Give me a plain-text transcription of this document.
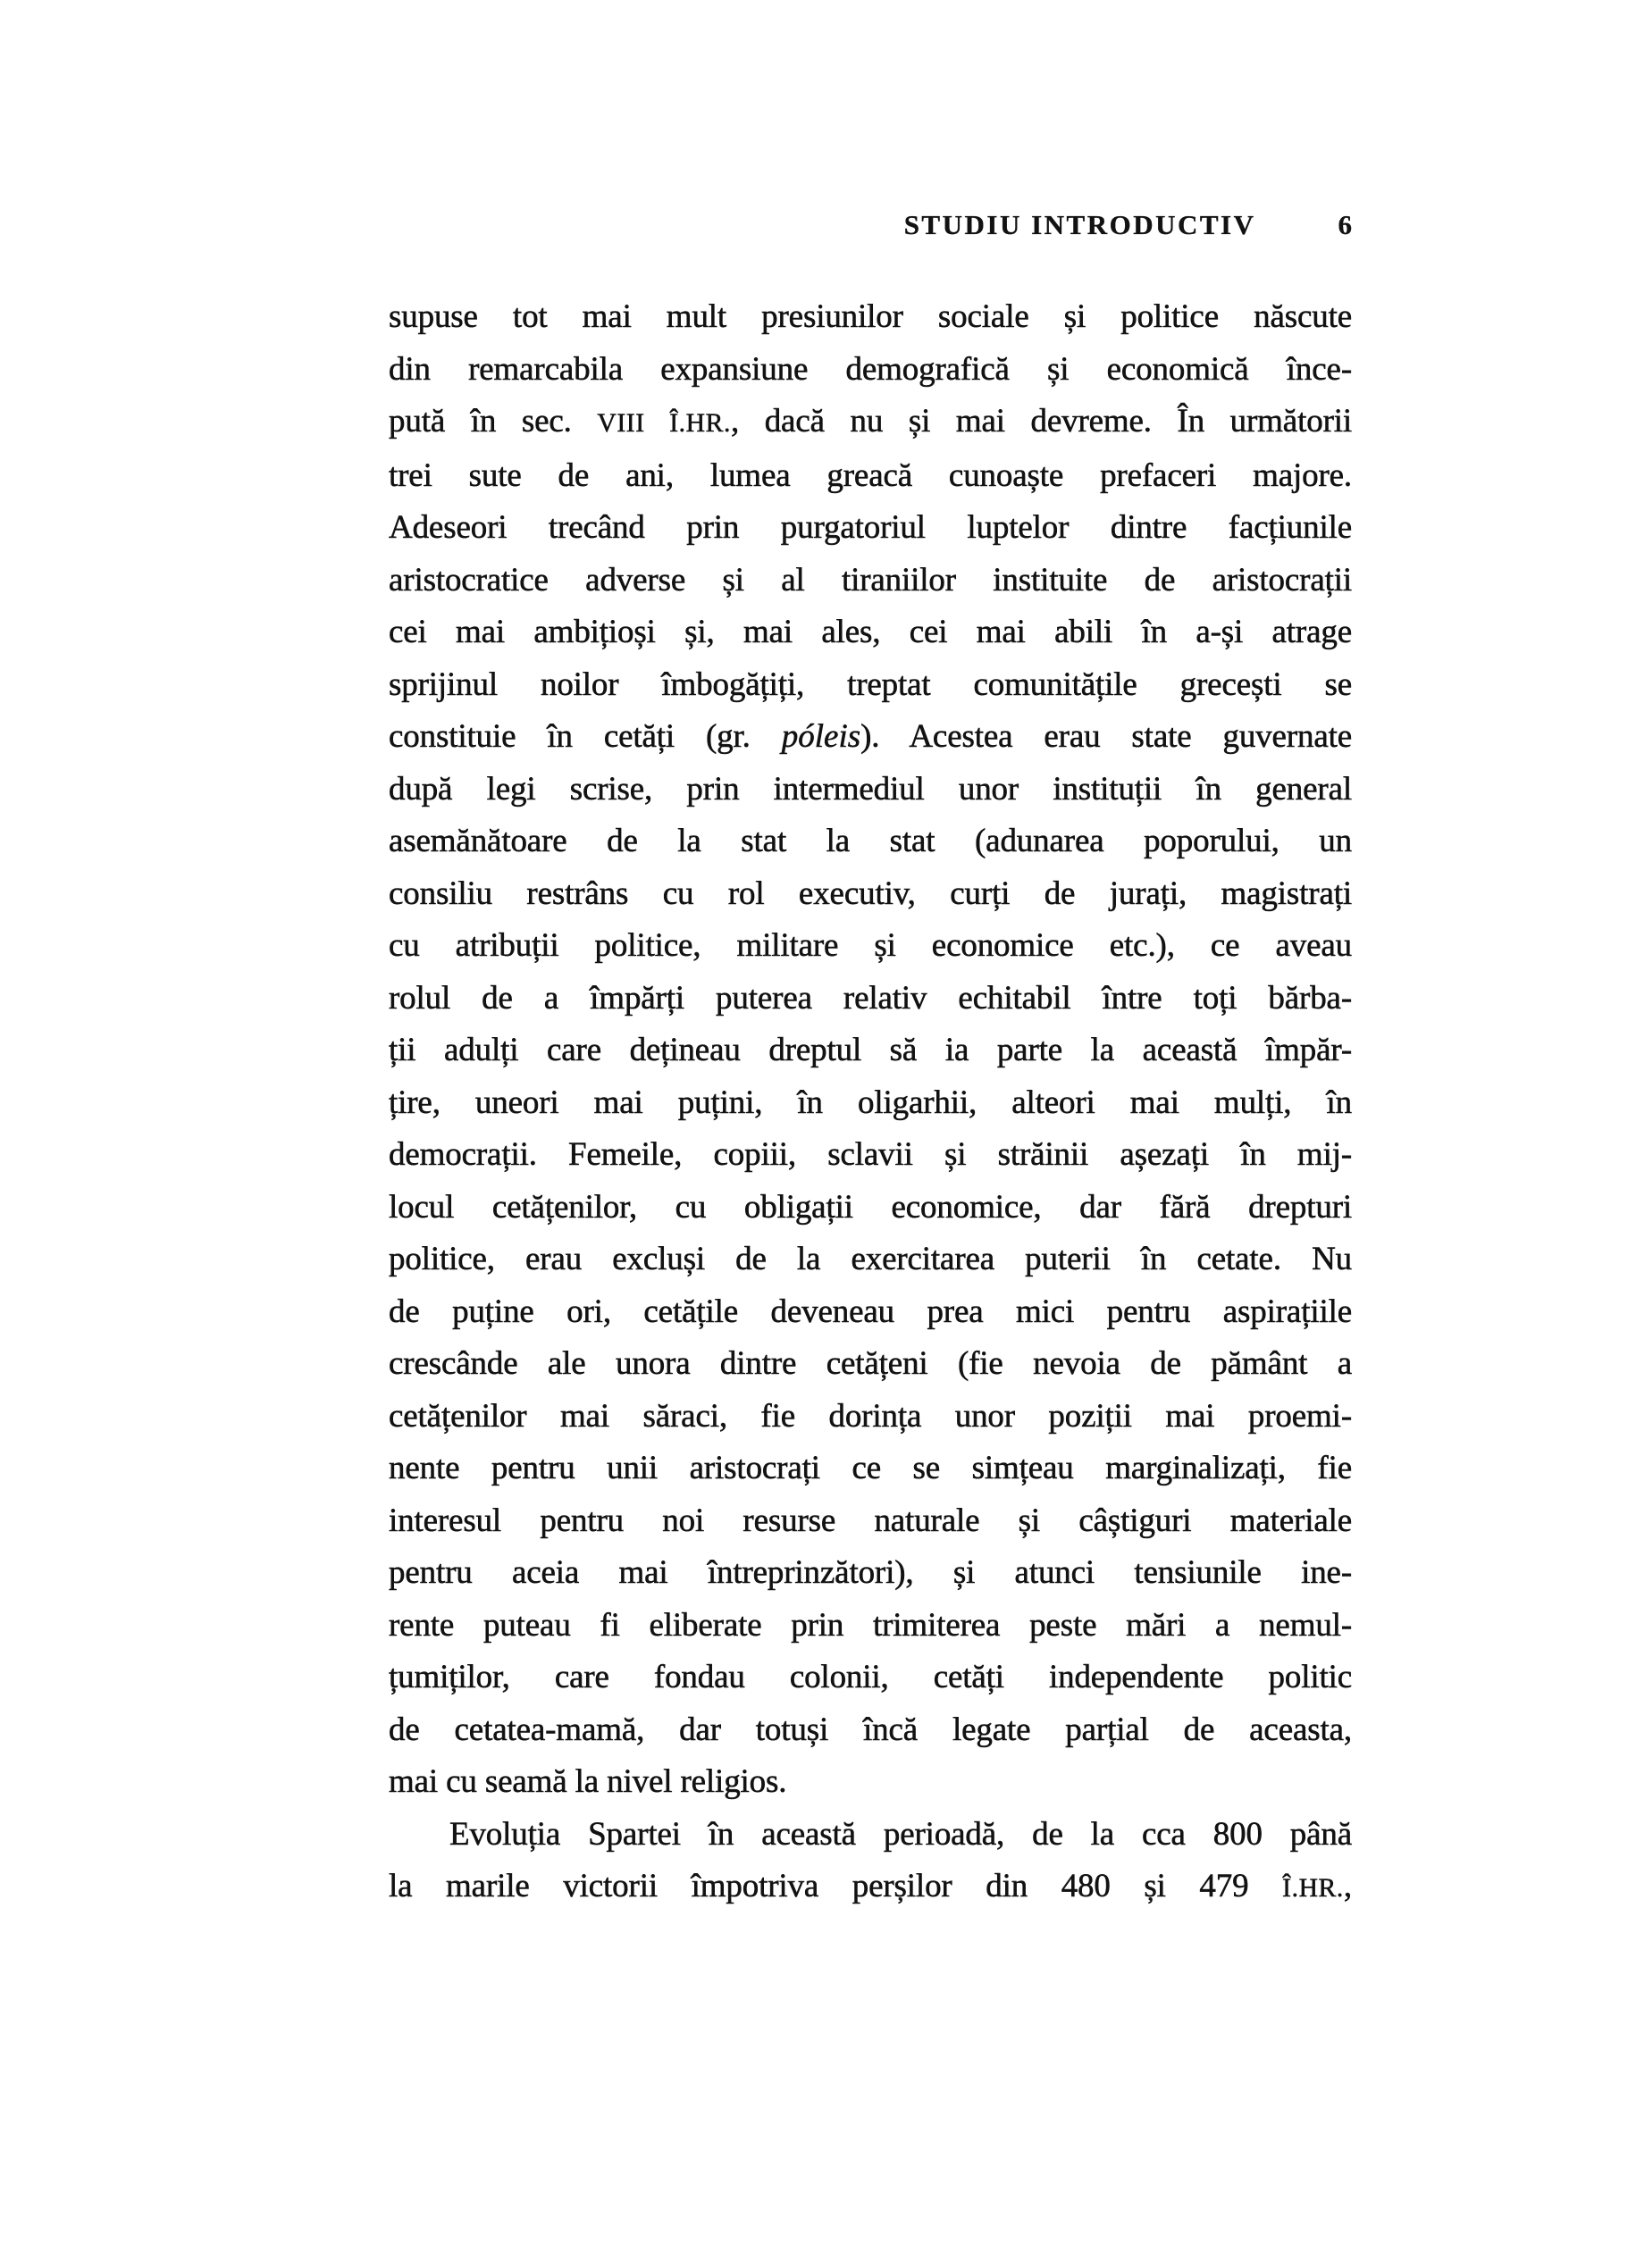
STUDIU INTRODUCTIV	6
supuse tot mai mult presiunilor sociale și politice născute
din remarcabila expansiune demografică și economică înce-
pută în sec. VIII Î.HR., dacă nu și mai devreme. În următorii
trei sute de ani, lumea greacă cunoaște prefaceri majore.
Adeseori trecând prin purgatoriul luptelor dintre facțiunile
aristocratice adverse și al tiraniilor instituite de aristocrații
cei mai ambițioși și, mai ales, cei mai abili în a-și atrage
sprijinul noilor îmbogățiți, treptat comunitățile grecești se
constituie în cetăți (gr. póleis). Acestea erau state guvernate
după legi scrise, prin intermediul unor instituții în general
asemănătoare de la stat la stat (adunarea poporului, un
consiliu restrâns cu rol executiv, curți de jurați, magistrați
cu atribuții politice, militare și economice etc.), ce aveau
rolul de a împărți puterea relativ echitabil între toți bărba-
ții adulți care dețineau dreptul să ia parte la această împăr-
țire, uneori mai puțini, în oligarhii, alteori mai mulți, în
democrații. Femeile, copiii, sclavii și străinii așezați în mij-
locul cetățenilor, cu obligații economice, dar fără drepturi
politice, erau excluși de la exercitarea puterii în cetate. Nu
de puține ori, cetățile deveneau prea mici pentru aspirațiile
crescânde ale unora dintre cetățeni (fie nevoia de pământ a
cetățenilor mai săraci, fie dorința unor poziții mai proemi-
nente pentru unii aristocrați ce se simțeau marginalizați, fie
interesul pentru noi resurse naturale și câștiguri materiale
pentru aceia mai întreprinzători), și atunci tensiunile ine-
rente puteau fi eliberate prin trimiterea peste mări a nemul-
țumiților, care fondau colonii, cetăți independente politic
de cetatea-mamă, dar totuși încă legate parțial de aceasta,
mai cu seamă la nivel religios.
Evoluția Spartei în această perioadă, de la cca 800 până
la marile victorii împotriva perșilor din 480 și 479 Î.HR.,
